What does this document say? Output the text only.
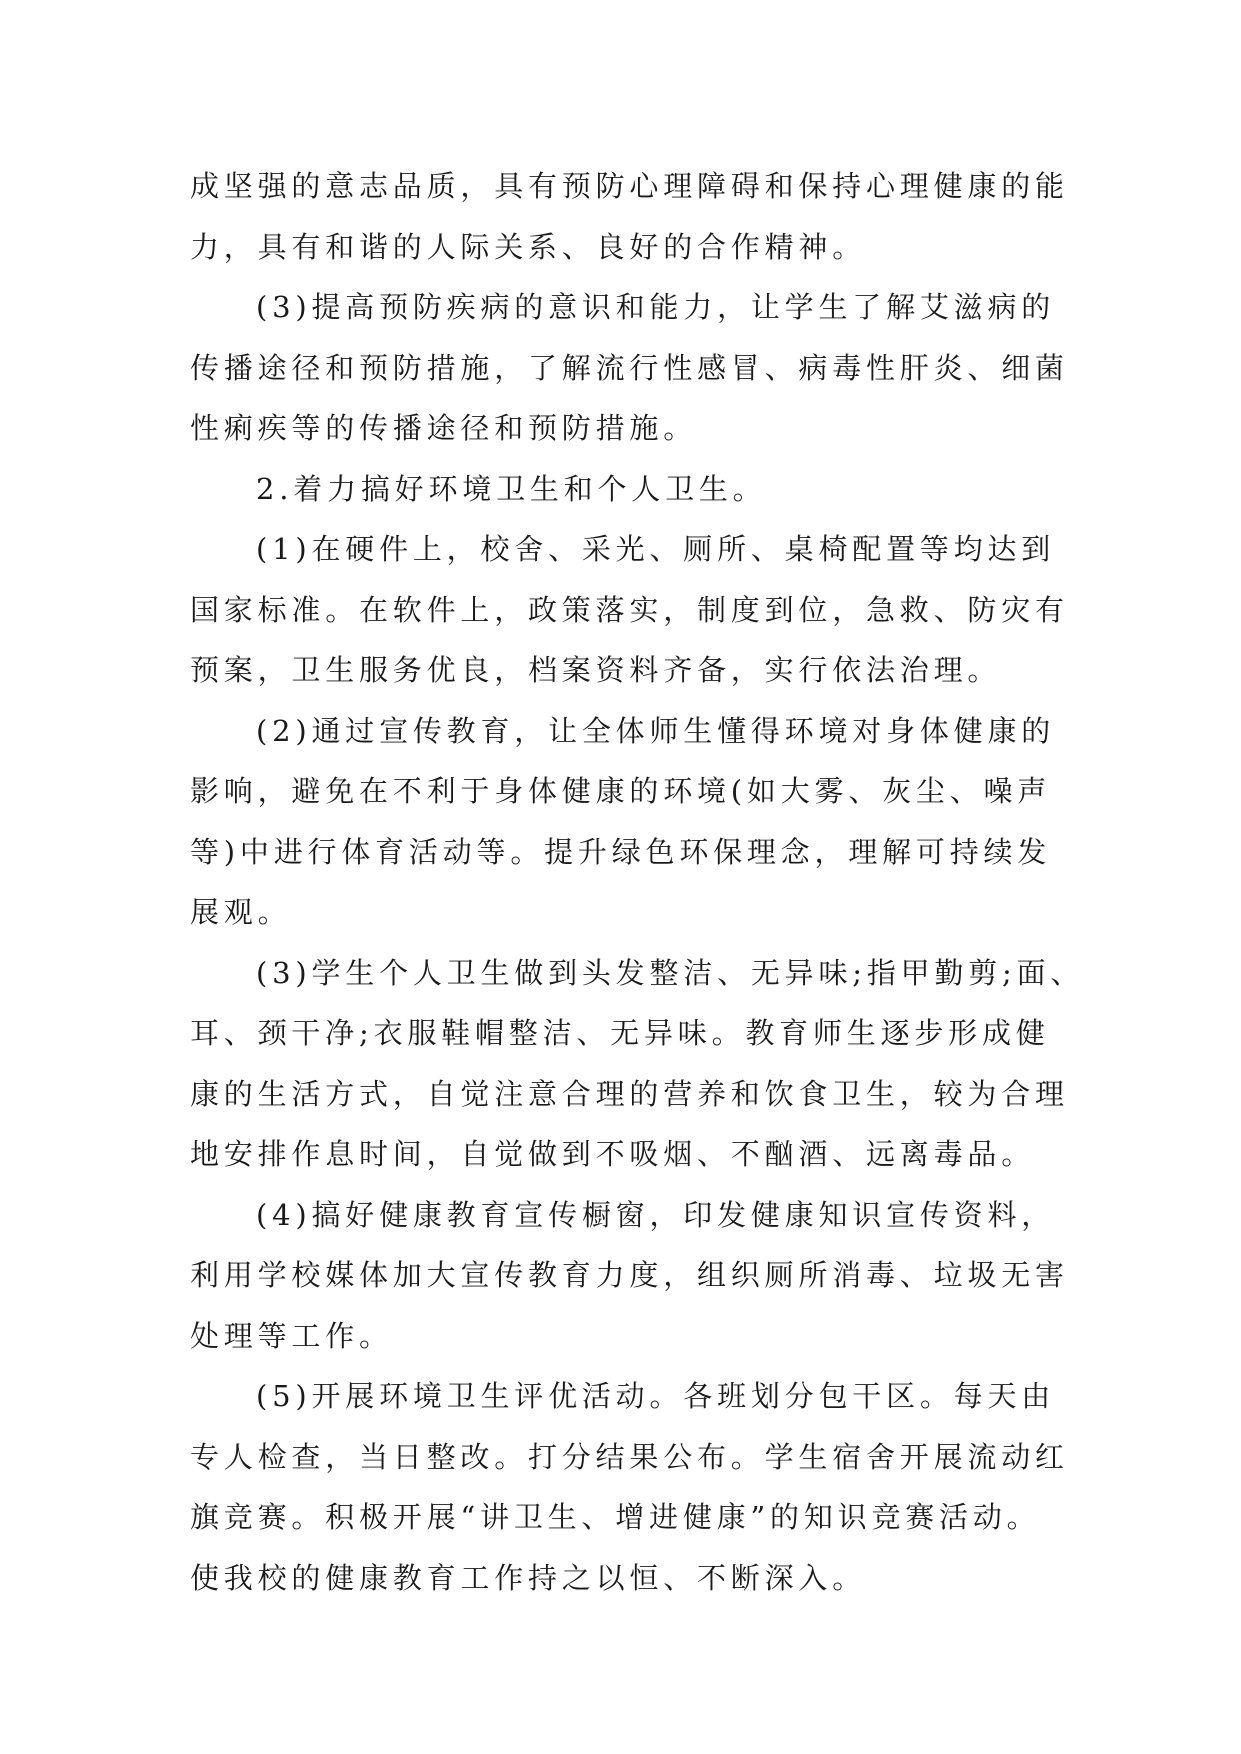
成坚强的意志品质，具有预防心理障碍和保持心理健康的能
力，具有和谐的人际关系、良好的合作精神。
(3)提高预防疾病的意识和能力，让学生了解艾滋病的
传播途径和预防措施，了解流行性感冒、病毒性肝炎、细菌
性痢疾等的传播途径和预防措施。
2.着力搞好环境卫生和个人卫生。
(1)在硬件上，校舍、采光、厕所、桌椅配置等均达到
国家标准。在软件上，政策落实，制度到位，急救、防灾有
预案，卫生服务优良，档案资料齐备，实行依法治理。
(2)通过宣传教育，让全体师生懂得环境对身体健康的
影响，避免在不利于身体健康的环境(如大雾、灰尘、噪声
等)中进行体育活动等。提升绿色环保理念，理解可持续发
展观。
(3)学生个人卫生做到头发整洁、无异味;指甲勤剪;面、
耳、颈干净;衣服鞋帽整洁、无异味。教育师生逐步形成健
康的生活方式，自觉注意合理的营养和饮食卫生，较为合理
地安排作息时间，自觉做到不吸烟、不酗酒、远离毒品。
(4)搞好健康教育宣传橱窗，印发健康知识宣传资料，
利用学校媒体加大宣传教育力度，组织厕所消毒、垃圾无害
处理等工作。
(5)开展环境卫生评优活动。各班划分包干区。每天由
专人检查，当日整改。打分结果公布。学生宿舍开展流动红
旗竞赛。积极开展“讲卫生、增进健康”的知识竞赛活动。
使我校的健康教育工作持之以恒、不断深入。
